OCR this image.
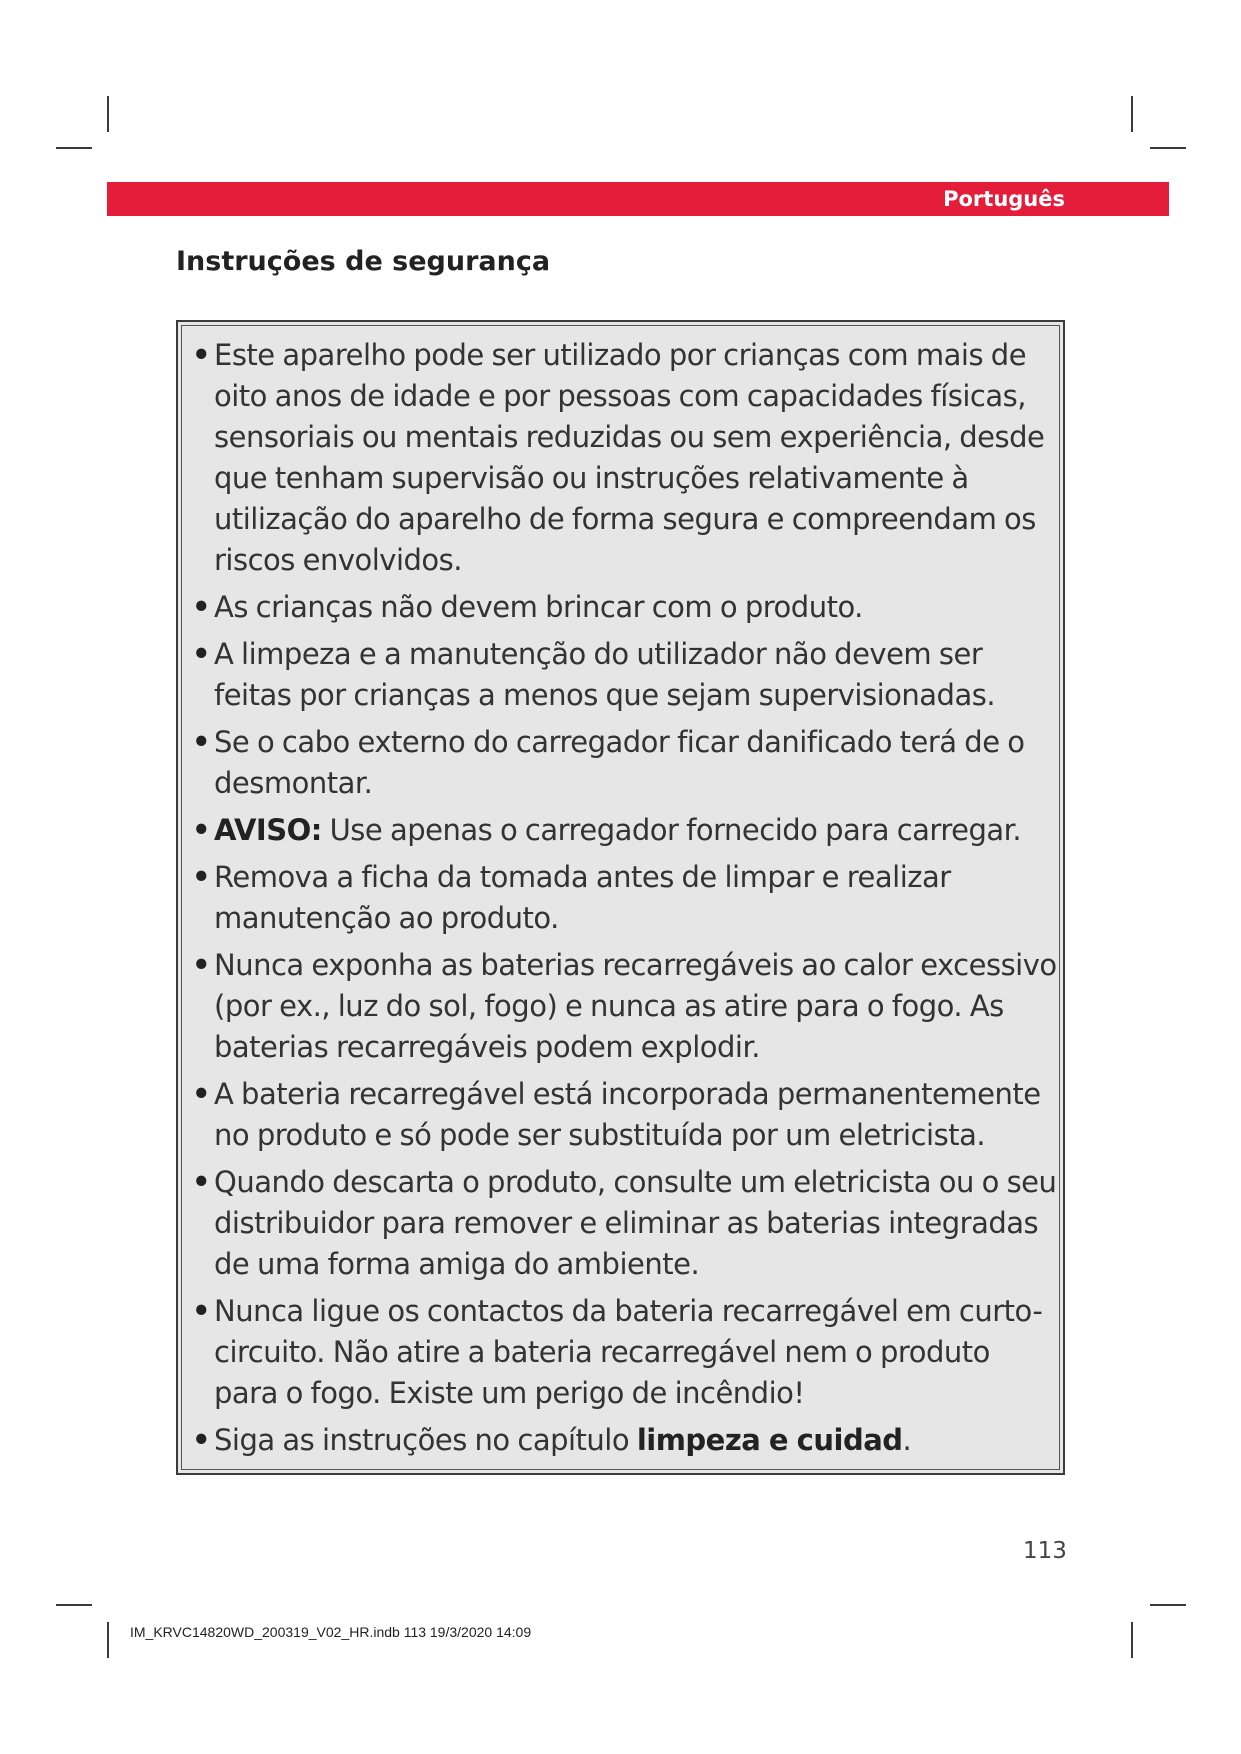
Português
Instruções de segurança
• Este aparelho pode ser utilizado por crianças com mais de oito anos de idade e por pessoas com capacidades físicas, sensoriais ou mentais reduzidas ou sem experiência, desde que tenham supervisão ou instruções relativamente à utilização do aparelho de forma segura e compreendam os riscos envolvidos.
• As crianças não devem brincar com o produto.
• A limpeza e a manutenção do utilizador não devem ser feitas por crianças a menos que sejam supervisionadas.
• Se o cabo externo do carregador ficar danificado terá de o desmontar.
• AVISO: Use apenas o carregador fornecido para carregar.
• Remova a ficha da tomada antes de limpar e realizar manutenção ao produto.
• Nunca exponha as baterias recarregáveis ao calor excessivo (por ex., luz do sol, fogo) e nunca as atire para o fogo. As baterias recarregáveis podem explodir.
• A bateria recarregável está incorporada permanentemente no produto e só pode ser substituída por um eletricista.
• Quando descarta o produto, consulte um eletricista ou o seu distribuidor para remover e eliminar as baterias integradas de uma forma amiga do ambiente.
• Nunca ligue os contactos da bateria recarregável em curto-circuito. Não atire a bateria recarregável nem o produto para o fogo. Existe um perigo de incêndio!
• Siga as instruções no capítulo limpeza e cuidad.
113
IM_KRVC14820WD_200319_V02_HR.indb 113 19/3/2020 14:09
